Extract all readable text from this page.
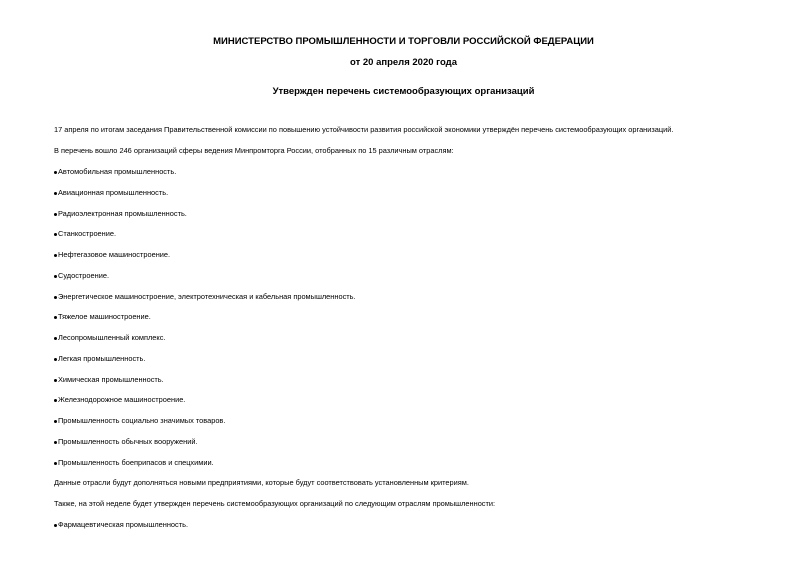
МИНИСТЕРСТВО ПРОМЫШЛЕННОСТИ И ТОРГОВЛИ РОССИЙСКОЙ ФЕДЕРАЦИИ
от 20 апреля 2020 года
Утвержден перечень системообразующих организаций
17 апреля по итогам заседания Правительственной комиссии по повышению устойчивости развития российской экономики утверждён перечень системообразующих организаций.
В перечень вошло 246 организаций сферы ведения Минпромторга России, отобранных по 15 различным отраслям:
Автомобильная промышленность.
Авиационная промышленность.
Радиоэлектронная промышленность.
Станкостроение.
Нефтегазовое машиностроение.
Судостроение.
Энергетическое машиностроение, электротехническая и кабельная промышленность.
Тяжелое машиностроение.
Лесопромышленный комплекс.
Легкая промышленность.
Химическая промышленность.
Железнодорожное машиностроение.
Промышленность социально значимых товаров.
Промышленность обычных вооружений.
Промышленность боеприпасов и спецхимии.
Данные отрасли будут дополняться новыми предприятиями, которые будут соответствовать установленным критериям.
Также, на этой неделе будет утвержден перечень системообразующих организаций по следующим отраслям промышленности:
Фармацевтическая промышленность.
